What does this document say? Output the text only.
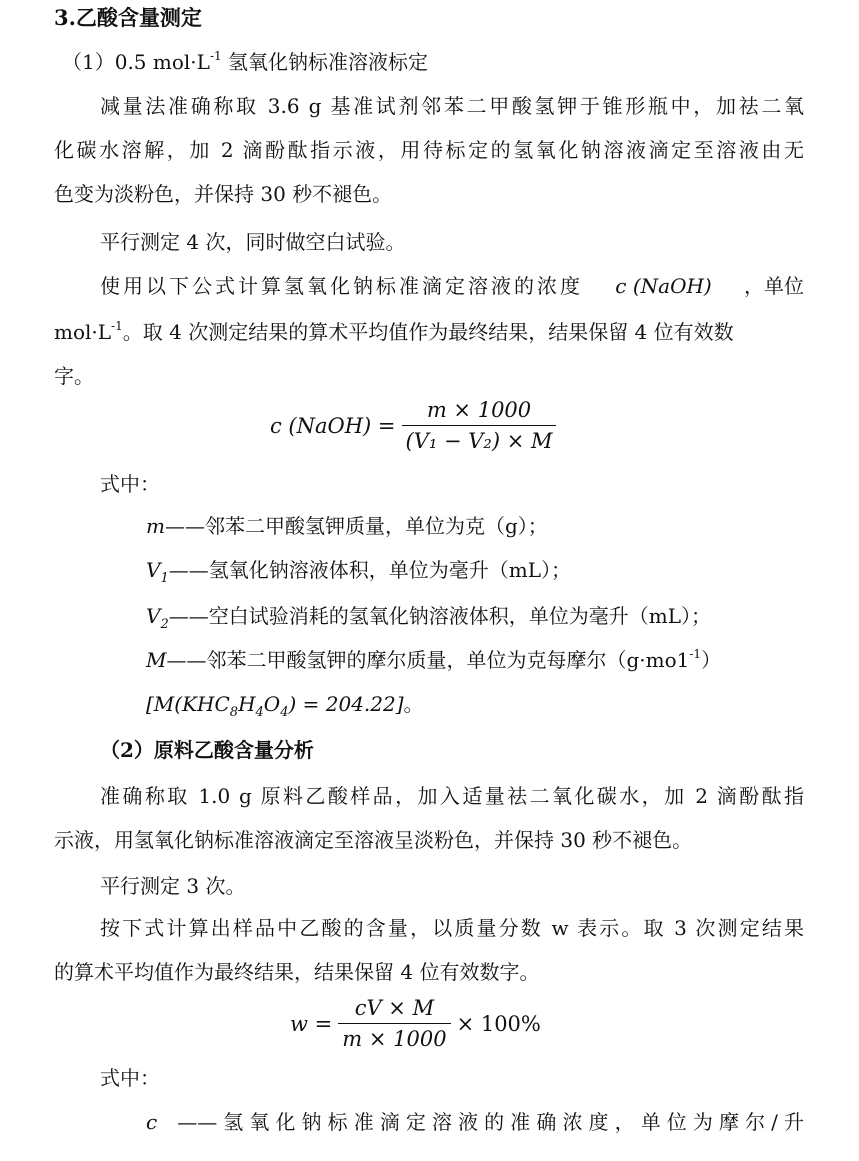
3.乙酸含量测定
（1）0.5 $mol\cdot L^{-1}$ 氢氧化钠标准溶液标定
减量法准确称取 3.6 g 基准试剂邻苯二甲酸氢钾于锥形瓶中，加祛二氧
化碳水溶解，加 2 滴酚酞指示液，用待标定的氢氧化钠溶液滴定至溶液由无
色变为淡粉色，并保持 30 秒不褪色。
平行测定 4 次，同时做空白试验。
使用以下公式计算氢氧化钠标准滴定溶液的浓度 c (NaOH) ，单位
$mol\cdot L^{-1}$。取 4 次测定结果的算术平均值作为最终结果，结果保留 4 位有效数
字。
c (NaOH) = $\frac{m \times 1000}{\text{(V₁ − V₂) × M}}$
式中：
m——邻苯二甲酸氢钾质量，单位为克（g）；
$V_1——$氢氧化钠溶液体积，单位为毫升（mL）；
$V_2——$空白试验消耗的氢氧化钠溶液体积，单位为毫升（mL）；
M——邻苯二甲酸氢钾的摩尔质量，单位为克每摩尔$(g\cdot mo1^{-1})$
$[M(KHC_8H_4O_4) = 204.22]$。
（2）原料乙酸含量分析
准确称取 1.0 g 原料乙酸样品，加入适量祛二氧化碳水，加 2 滴酚酞指
示液，用氢氧化钠标准溶液滴定至溶液呈淡粉色，并保持 30 秒不褪色。
平行测定 3 次。
按下式计算出样品中乙酸的含量，以质量分数 w 表示。取 3 次测定结果
的算术平均值作为最终结果，结果保留 4 位有效数字。
$w = \frac{cV \times M}{m \times 1000} \times 100\%$
式中：
c ——氢氧化钠标准滴定溶液的准确浓度，单位为摩尔/升
